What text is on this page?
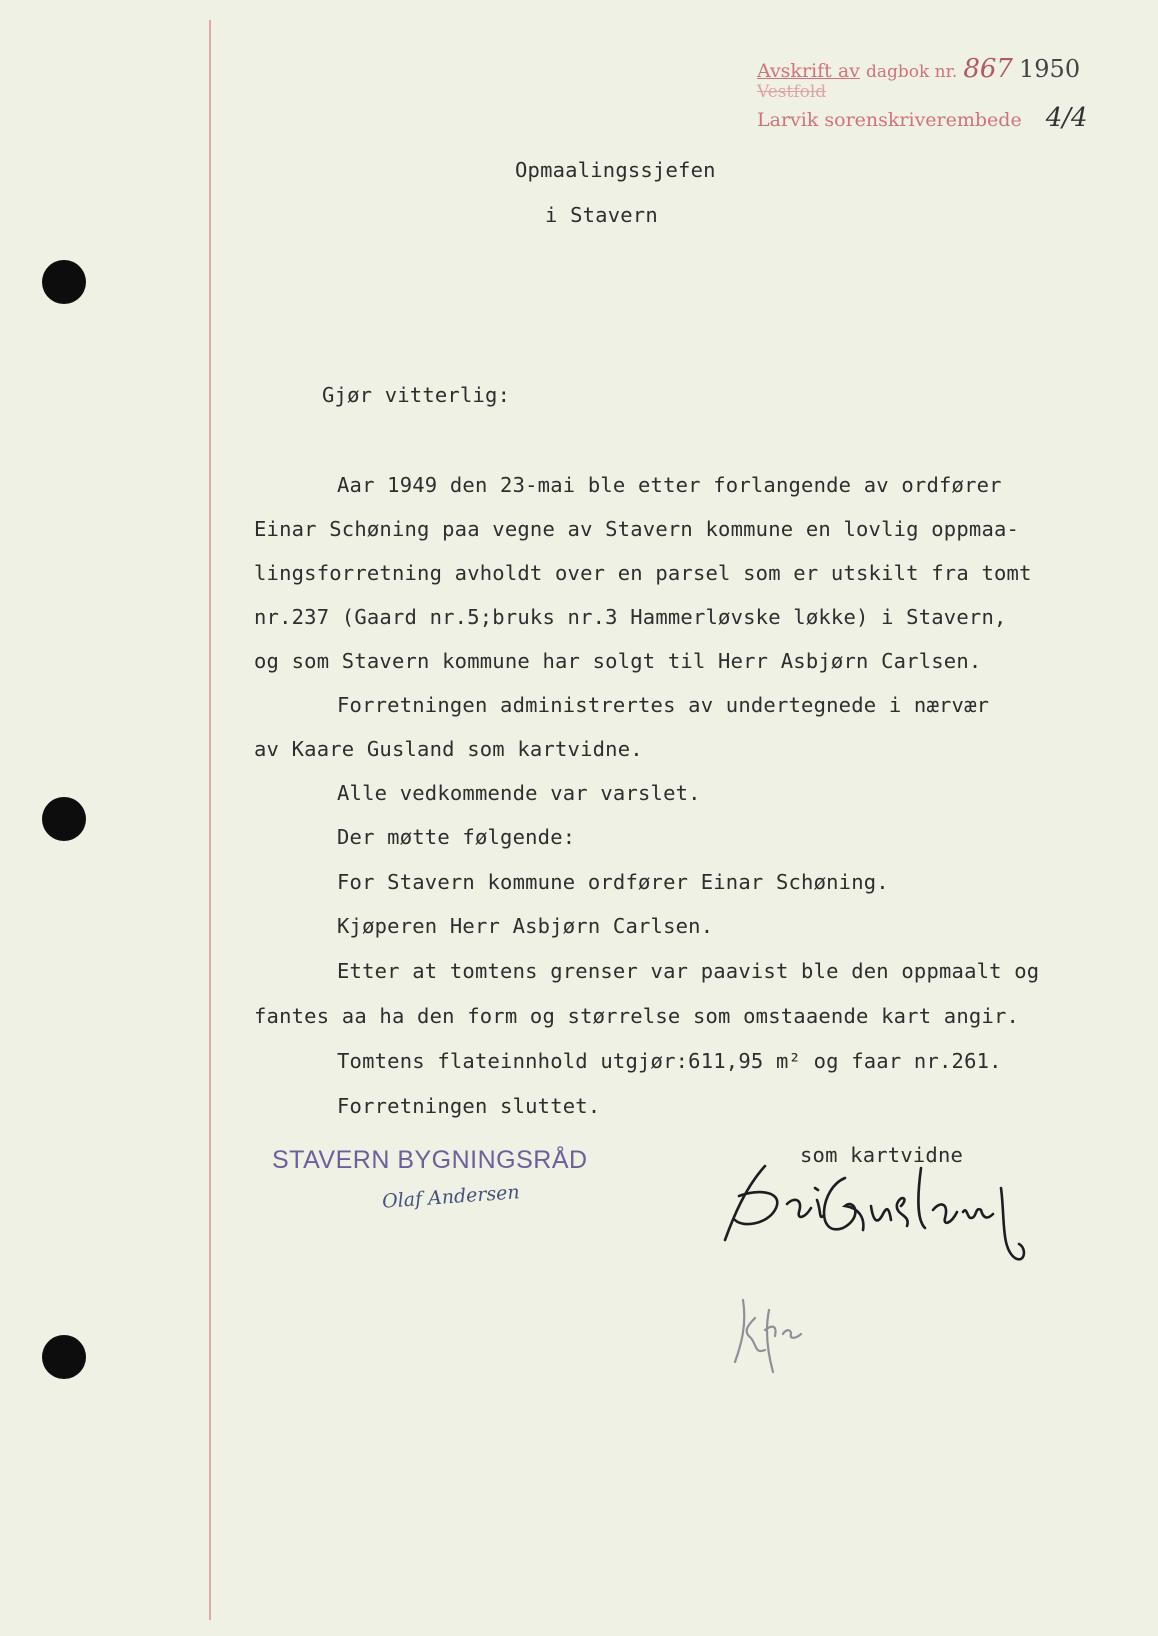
Avskrift av dagbok nr. 867 1950
Vestfold
Larvik sorenskriverembede 4/4
Opmaalingssjefen
i Stavern
Gjør vitterlig:
Aar 1949 den 23-mai ble etter forlangende av ordfører
Einar Schøning paa vegne av Stavern kommune en lovlig oppmaa-
lingsforretning avholdt over en parsel som er utskilt fra tomt
nr.237 (Gaard nr.5;bruks nr.3 Hammerløvske løkke) i Stavern,
og som Stavern kommune har solgt til Herr Asbjørn Carlsen.
Forretningen administrertes av undertegnede i nærvær
av Kaare Gusland som kartvidne.
Alle vedkommende var varslet.
Der møtte følgende:
For Stavern kommune ordfører Einar Schøning.
Kjøperen Herr Asbjørn Carlsen.
Etter at tomtens grenser var paavist ble den oppmaalt og
fantes aa ha den form og størrelse som omstaaende kart angir.
Tomtens flateinnhold utgjør:611,95 m² og faar nr.261.
Forretningen sluttet.
som kartvidne
STAVERN BYGNINGSRÅD
Olaf Andersen
